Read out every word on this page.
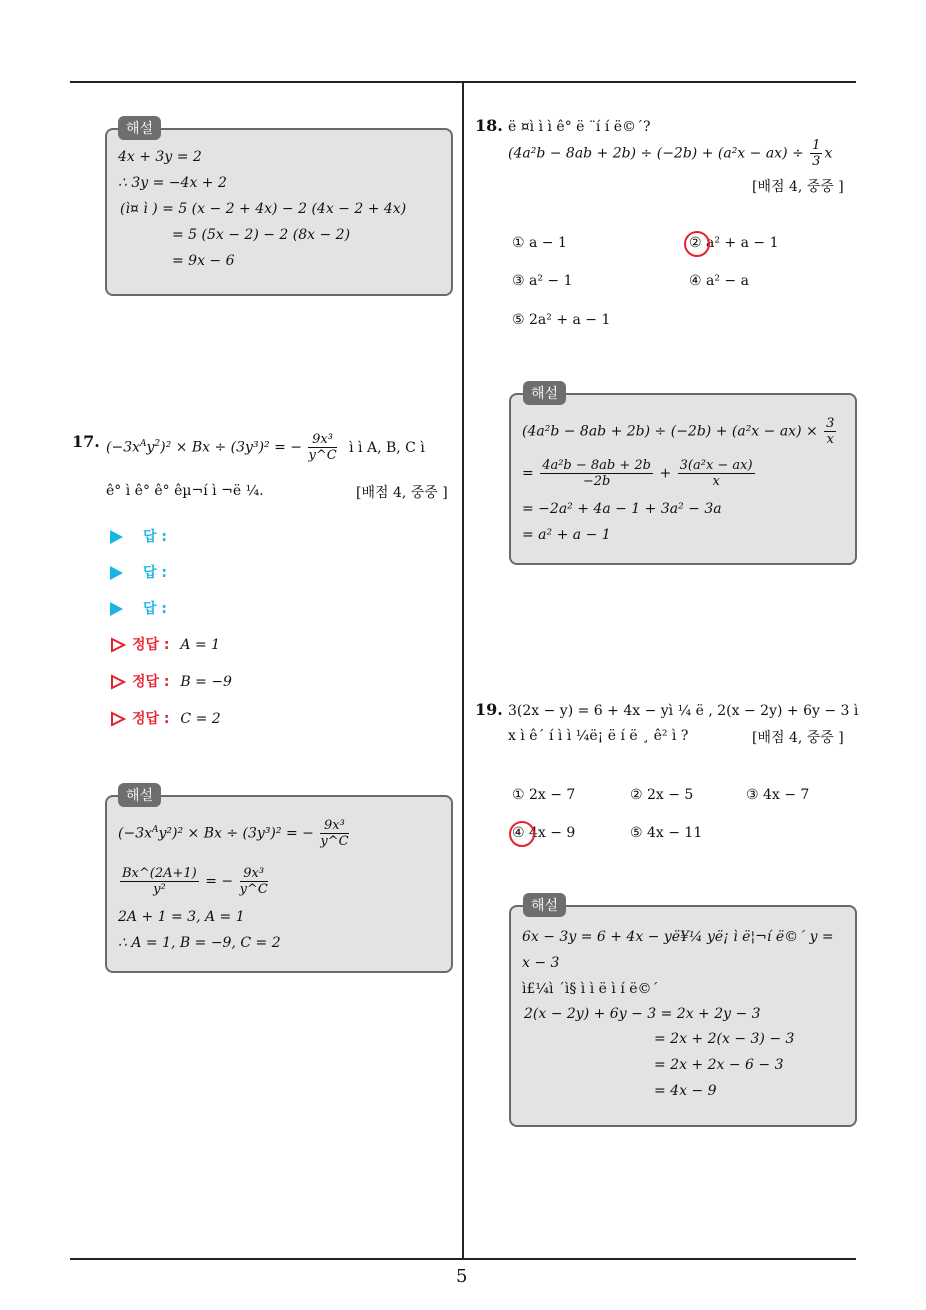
5
해설
4x + 3y = 2
∴ 3y = −4x + 2
(ì¤ ì ) = 5 (x − 2 + 4x) − 2 (4x − 2 + 4x)
= 5 (5x − 2) − 2 (8x − 2)
= 9x − 6
17. $(-3x^Ay^2)^2 \times Bx \div (3y^3)^2$ = − $\frac{\text{9x³}}{y\^{}C}$ ì ì A, B, C ì
ê° ì ê° ê° êµ¬í ì ¬ë ¼.	[배점 4, 중중 ]
답 :
답 :
답 :
정답 : A = 1
정답 : B = −9
정답 : C = 2
해설
$(-3x^Ay^2)^2 \times Bx \div (3y^3)^2$ = − $\frac{\text{9x³}}{y\^{}C}$
$\frac{Bx\^{}(2A+1)}{\text{y²}}$ = − $\frac{\text{9x³}}{y\^{}C}$
2A + 1 = 3, A = 1
∴ A = 1, B = −9, C = 2
18. ë ¤ì ì ì ê° ë ¨í í ë©´?
$(4a^2b - 8ab + 2b) \div (-2b) + (a^2x - ax) \div \frac{1}{3}$ x
[배점 4, 중중 ]
① a − 1	② a² + a − 1
③ a² − 1	④ a² − a
⑤ 2a² + a − 1
해설
$(4a^2b - 8ab + 2b) \div (-2b) + (a^2x - ax) \times \frac{3}{x}$
= $\frac{\text{4a²b − 8ab + 2b}}{-2b} + \frac{\text{3(a²x − ax)}}{x}$
= −2a² + 4a − 1 + 3a² − 3a
= a² + a − 1
19. 3(2x − y) = 6 + 4x − yì ¼ ë , 2(x − 2y) + 6y − 3 ì
x ì ê´ í ì ì ¼ë¡ ë í ë ¸ ê² ì ?	[배점 4, 중중 ]
① 2x − 7	② 2x − 5	③ 4x − 7
④ 4x − 9	⑤ 4x − 11
해설
6x − 3y = 6 + 4x − yë¥¼ yë¡ ì ë¦¬í ë©´ y =
x − 3
ì£¼ì ´ì§ ì ì ë ì í ë©´
2(x − 2y) + 6y − 3 = 2x + 2y − 3
= 2x + 2(x − 3) − 3
= 2x + 2x − 6 − 3
= 4x − 9
